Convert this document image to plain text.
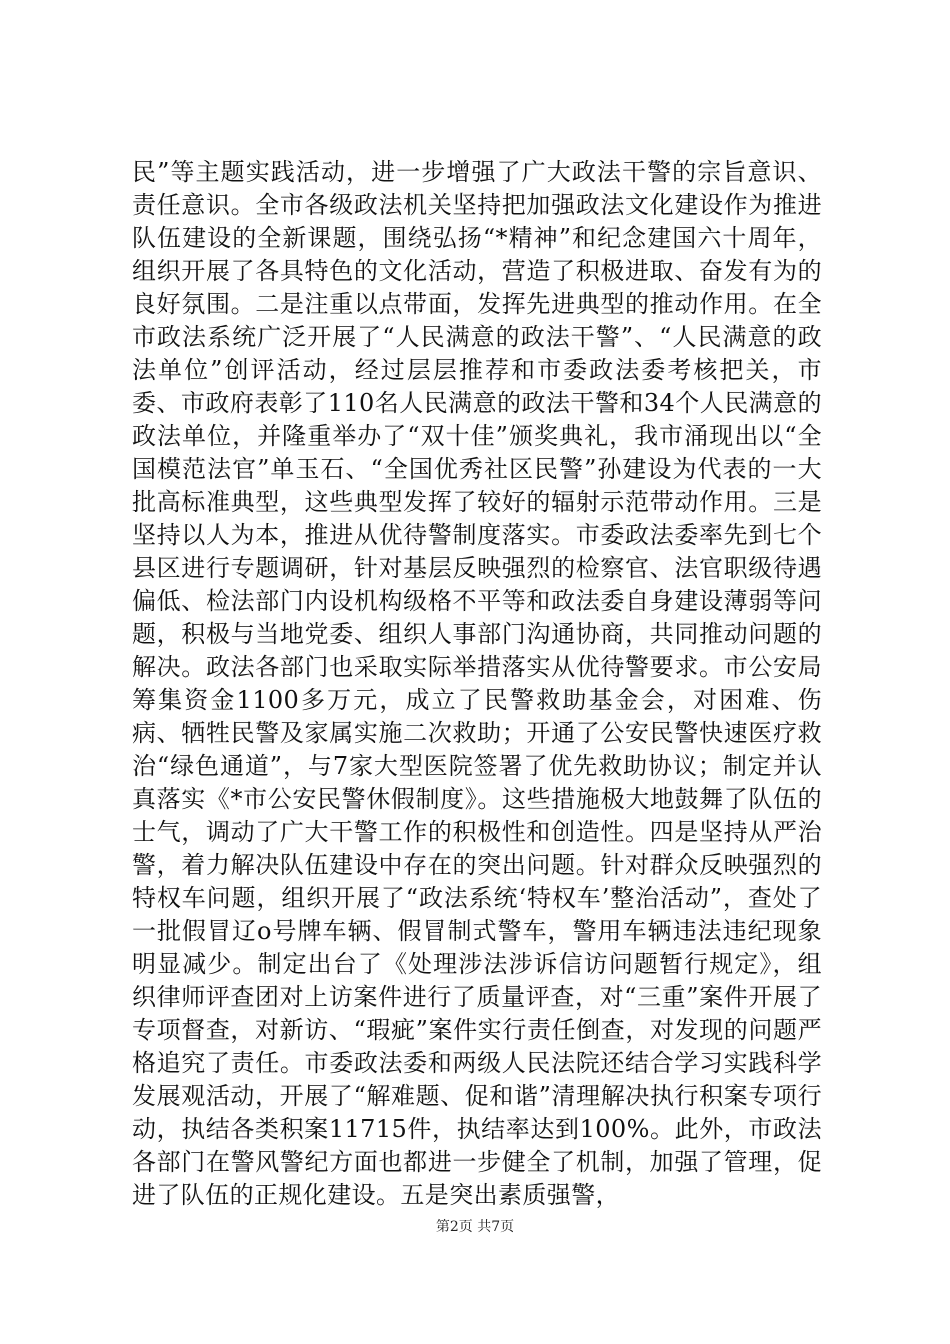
民”等主题实践活动，进一步增强了广大政法干警的宗旨意识、责任意识。全市各级政法机关坚持把加强政法文化建设作为推进队伍建设的全新课题，围绕弘扬“*精神”和纪念建国六十周年，组织开展了各具特色的文化活动，营造了积极进取、奋发有为的良好氛围。二是注重以点带面，发挥先进典型的推动作用。在全市政法系统广泛开展了“人民满意的政法干警”、“人民满意的政法单位”创评活动，经过层层推荐和市委政法委考核把关，市委、市政府表彰了110名人民满意的政法干警和34个人民满意的政法单位，并隆重举办了“双十佳”颁奖典礼，我市涌现出以“全国模范法官”单玉石、“全国优秀社区民警”孙建设为代表的一大批高标准典型，这些典型发挥了较好的辐射示范带动作用。三是坚持以人为本，推进从优待警制度落实。市委政法委率先到七个县区进行专题调研，针对基层反映强烈的检察官、法官职级待遇偏低、检法部门内设机构级格不平等和政法委自身建设薄弱等问题，积极与当地党委、组织人事部门沟通协商，共同推动问题的解决。政法各部门也采取实际举措落实从优待警要求。市公安局筹集资金1100多万元，成立了民警救助基金会，对困难、伤病、牺牲民警及家属实施二次救助；开通了公安民警快速医疗救治“绿色通道”，与7家大型医院签署了优先救助协议；制定并认真落实《*市公安民警休假制度》。这些措施极大地鼓舞了队伍的士气，调动了广大干警工作的积极性和创造性。四是坚持从严治警，着力解决队伍建设中存在的突出问题。针对群众反映强烈的特权车问题，组织开展了“政法系统‘特权车’整治活动”，查处了一批假冒辽o号牌车辆、假冒制式警车，警用车辆违法违纪现象明显减少。制定出台了《处理涉法涉诉信访问题暂行规定》，组织律师评查团对上访案件进行了质量评查，对“三重”案件开展了专项督查，对新访、“瑕疵”案件实行责任倒查，对发现的问题严格追究了责任。市委政法委和两级人民法院还结合学习实践科学发展观活动，开展了“解难题、促和谐”清理解决执行积案专项行动，执结各类积案11715件，执结率达到100%。此外，市政法各部门在警风警纪方面也都进一步健全了机制，加强了管理，促进了队伍的正规化建设。五是突出素质强警，

第2页 共7页
